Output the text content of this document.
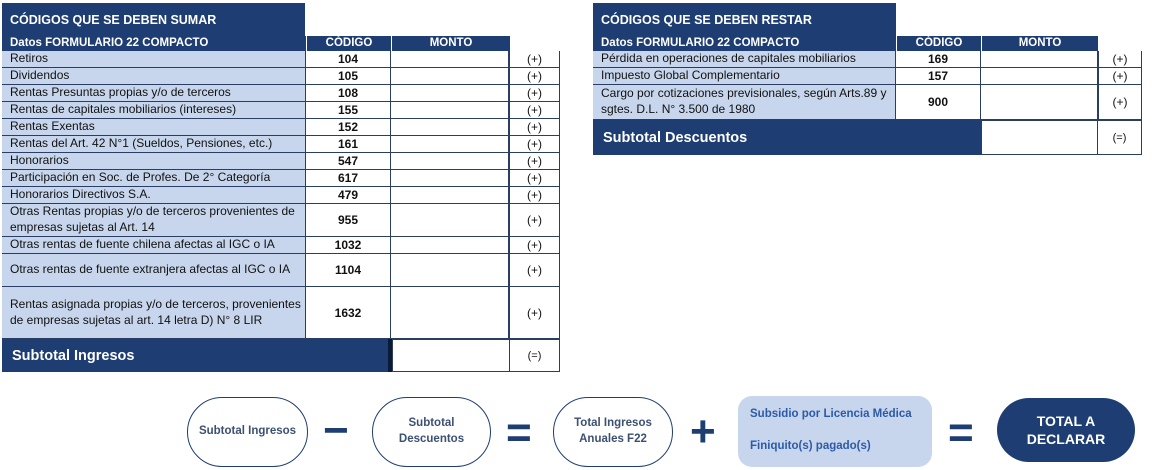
CÓDIGOS QUE SE DEBEN SUMAR
Datos FORMULARIO 22 COMPACTO	CÓDIGO	MONTO
Retiros	104	(+)
Dividendos	105	(+)
Rentas Presuntas propias y/o de terceros	108	(+)
Rentas de capitales mobiliarios (intereses)	155	(+)
Rentas Exentas	152	(+)
Rentas del Art. 42 N°1 (Sueldos, Pensiones, etc.)	161	(+)
Honorarios	547	(+)
Participación en Soc. de Profes. De 2° Categoría	617	(+)
Honorarios Directivos S.A.	479	(+)
Otras Rentas propias y/o de terceros provenientes de empresas sujetas al Art. 14	955	(+)
Otras rentas de fuente chilena afectas al IGC o IA	1032	(+)
Otras rentas de fuente extranjera afectas al IGC o IA	1104	(+)
Rentas asignada propias y/o de terceros, provenientes de empresas sujetas al art. 14 letra D) N° 8 LIR	1632	(+)
Subtotal Ingresos	(=)
CÓDIGOS QUE SE DEBEN RESTAR
Datos FORMULARIO 22 COMPACTO	CÓDIGO	MONTO
Pérdida en operaciones de capitales mobiliarios	169	(+)
Impuesto Global Complementario	157	(+)
Cargo por cotizaciones previsionales, según Arts.89 y sgtes. D.L. N° 3.500 de 1980	900	(+)
Subtotal Descuentos	(=)
Subtotal Ingresos −	Subtotal Descuentos =	Total Ingresos Anuales F22 +	Subsidio por Licencia Médica
Finiquito(s) pagado(s) =	TOTAL A DECLARAR
